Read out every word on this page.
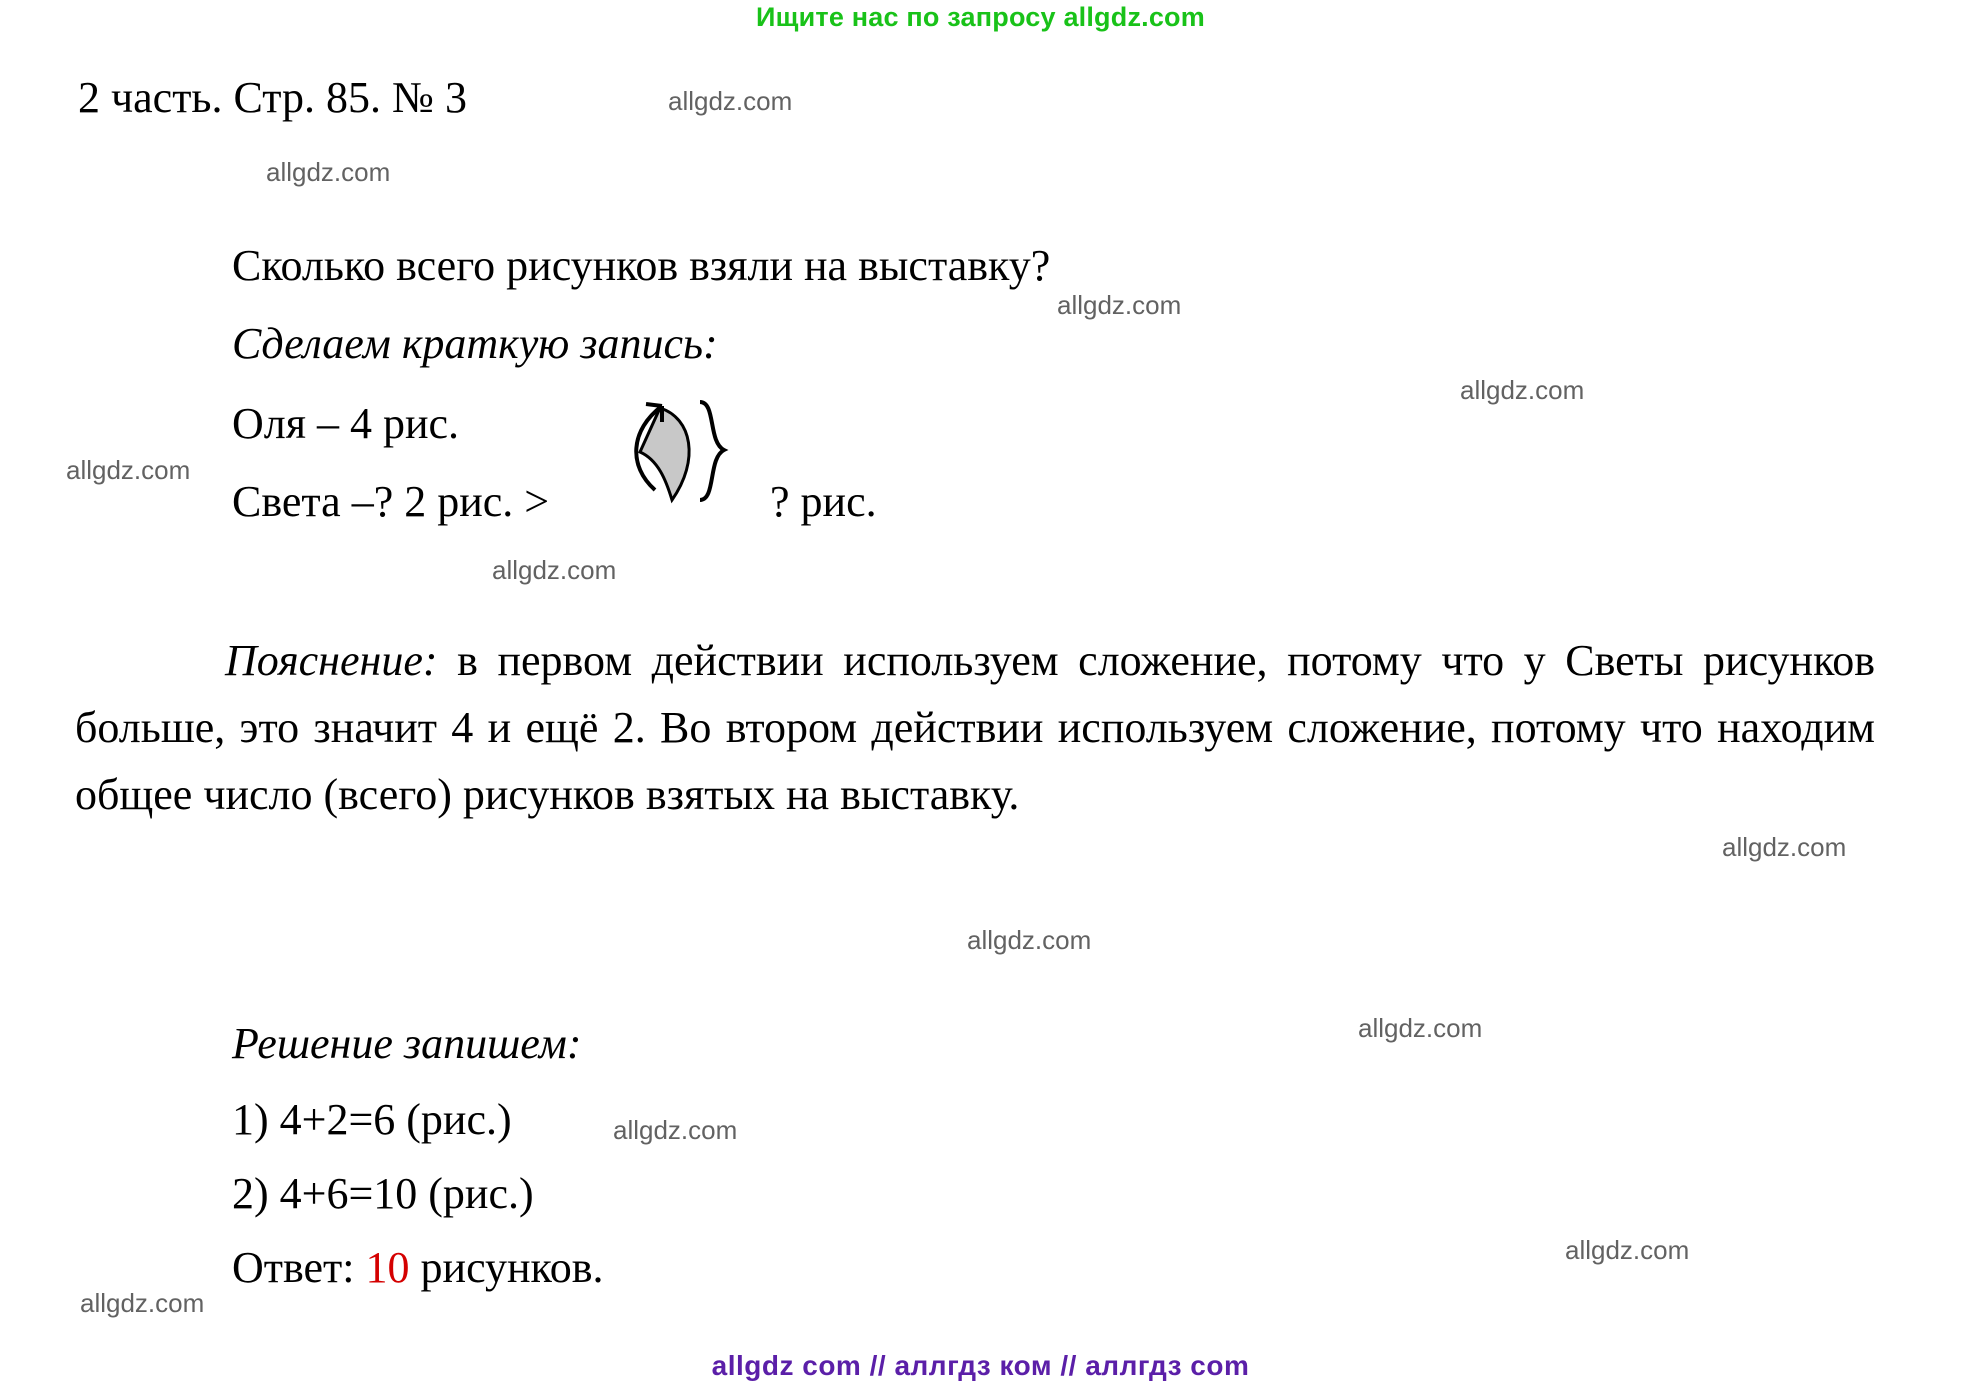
Ищите нас по запросу allgdz.com
2 часть. Стр. 85. № 3
Сколько всего рисунков взяли на выставку?
Сделаем краткую запись:
Оля – 4 рис.
Света –? 2 рис. >	? рис.
Пояснение: в первом действии используем сложение, потому что у Светы рисунков больше, это значит 4 и ещё 2. Во втором действии используем сложение, потому что находим общее число (всего) рисунков взятых на выставку.
Решение запишем:
1) 4+2=6 (рис.)
2) 4+6=10 (рис.)
Ответ: 10 рисунков.
allgdz.com
allgdz.com
allgdz.com
allgdz.com
allgdz.com
allgdz.com
allgdz.com
allgdz.com
allgdz.com
allgdz.com
allgdz.com
allgdz.com
allgdz com // аллгдз ком // аллгдз com
